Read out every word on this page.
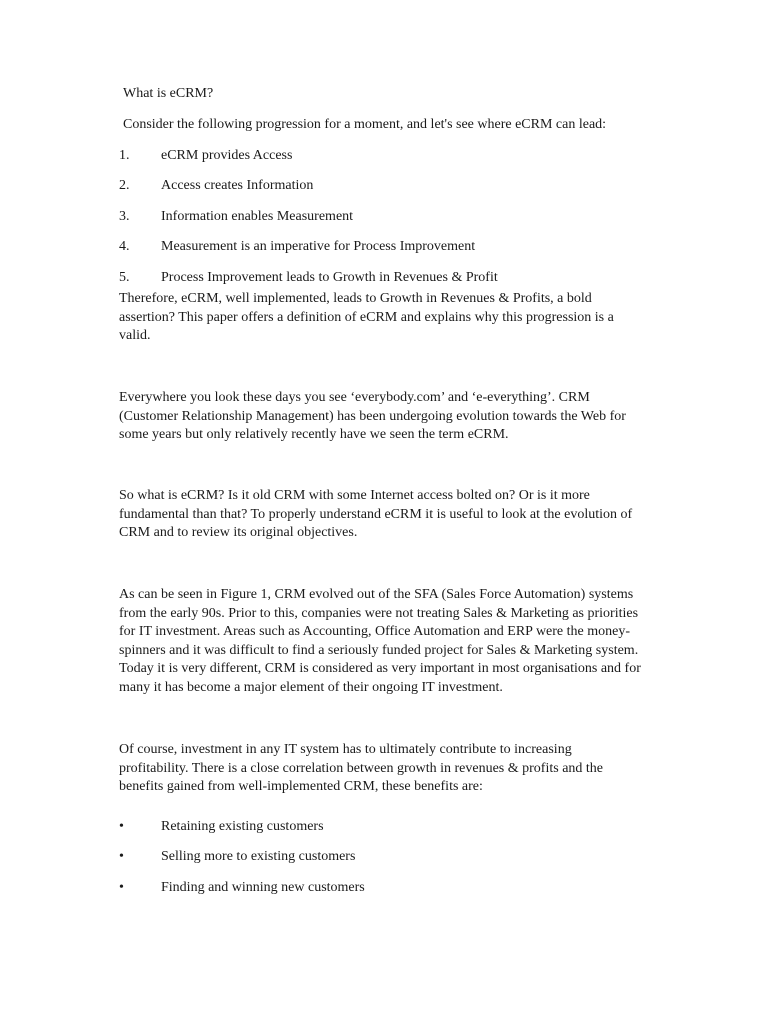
What is eCRM?
Consider the following progression for a moment, and let's see where eCRM can lead:
1. eCRM provides Access
2. Access creates Information
3. Information enables Measurement
4. Measurement is an imperative for Process Improvement
5. Process Improvement leads to Growth in Revenues & Profit

Therefore, eCRM, well implemented, leads to Growth in Revenues & Profits, a bold assertion? This paper offers a definition of eCRM and explains why this progression is a valid.

Everywhere you look these days you see ‘everybody.com’ and ‘e-everything’. CRM (Customer Relationship Management) has been undergoing evolution towards the Web for some years but only relatively recently have we seen the term eCRM.

So what is eCRM? Is it old CRM with some Internet access bolted on? Or is it more fundamental than that? To properly understand eCRM it is useful to look at the evolution of CRM and to review its original objectives.

As can be seen in Figure 1, CRM evolved out of the SFA (Sales Force Automation) systems from the early 90s. Prior to this, companies were not treating Sales & Marketing as priorities for IT investment. Areas such as Accounting, Office Automation and ERP were the money-spinners and it was difficult to find a seriously funded project for Sales & Marketing system. Today it is very different, CRM is considered as very important in most organisations and for many it has become a major element of their ongoing IT investment.

Of course, investment in any IT system has to ultimately contribute to increasing profitability. There is a close correlation between growth in revenues & profits and the benefits gained from well-implemented CRM, these benefits are:

•	Retaining existing customers
•	Selling more to existing customers
•	Finding and winning new customers
